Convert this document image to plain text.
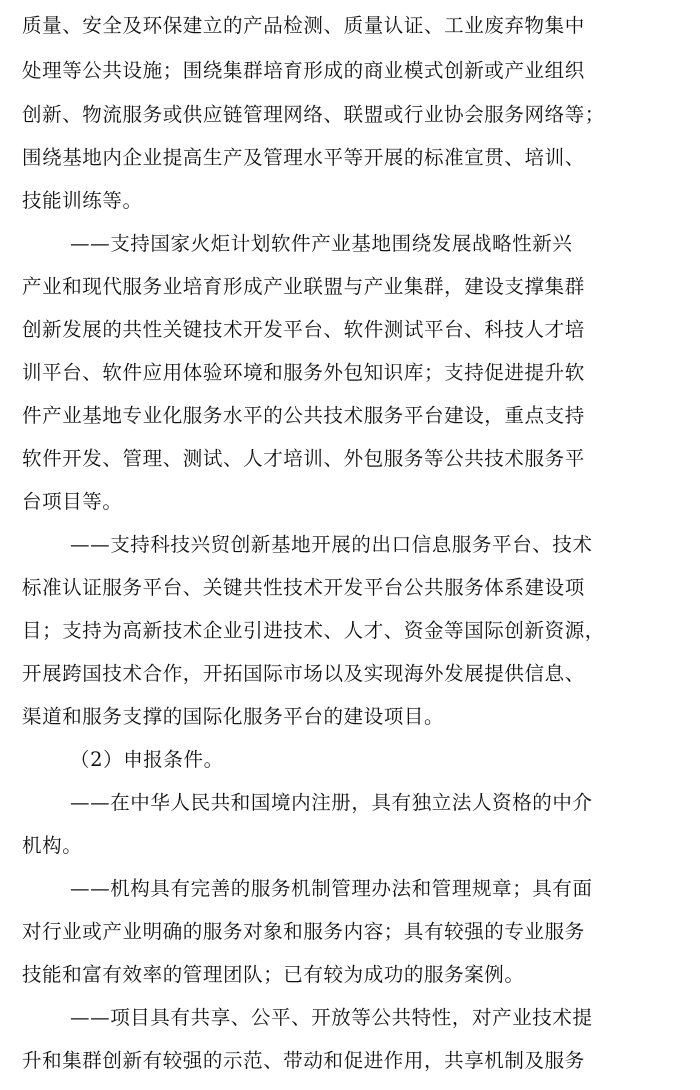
质量、安全及环保建立的产品检测、质量认证、工业废弃物集中
处理等公共设施；围绕集群培育形成的商业模式创新或产业组织
创新、物流服务或供应链管理网络、联盟或行业协会服务网络等；
围绕基地内企业提高生产及管理水平等开展的标准宣贯、培训、
技能训练等。
——支持国家火炬计划软件产业基地围绕发展战略性新兴
产业和现代服务业培育形成产业联盟与产业集群，建设支撑集群
创新发展的共性关键技术开发平台、软件测试平台、科技人才培
训平台、软件应用体验环境和服务外包知识库；支持促进提升软
件产业基地专业化服务水平的公共技术服务平台建设，重点支持
软件开发、管理、测试、人才培训、外包服务等公共技术服务平
台项目等。
——支持科技兴贸创新基地开展的出口信息服务平台、技术
标准认证服务平台、关键共性技术开发平台公共服务体系建设项
目；支持为高新技术企业引进技术、人才、资金等国际创新资源，
开展跨国技术合作，开拓国际市场以及实现海外发展提供信息、
渠道和服务支撑的国际化服务平台的建设项目。
（2）申报条件。
——在中华人民共和国境内注册，具有独立法人资格的中介
机构。
——机构具有完善的服务机制管理办法和管理规章；具有面
对行业或产业明确的服务对象和服务内容；具有较强的专业服务
技能和富有效率的管理团队；已有较为成功的服务案例。
——项目具有共享、公平、开放等公共特性，对产业技术提
升和集群创新有较强的示范、带动和促进作用，共享机制及服务
